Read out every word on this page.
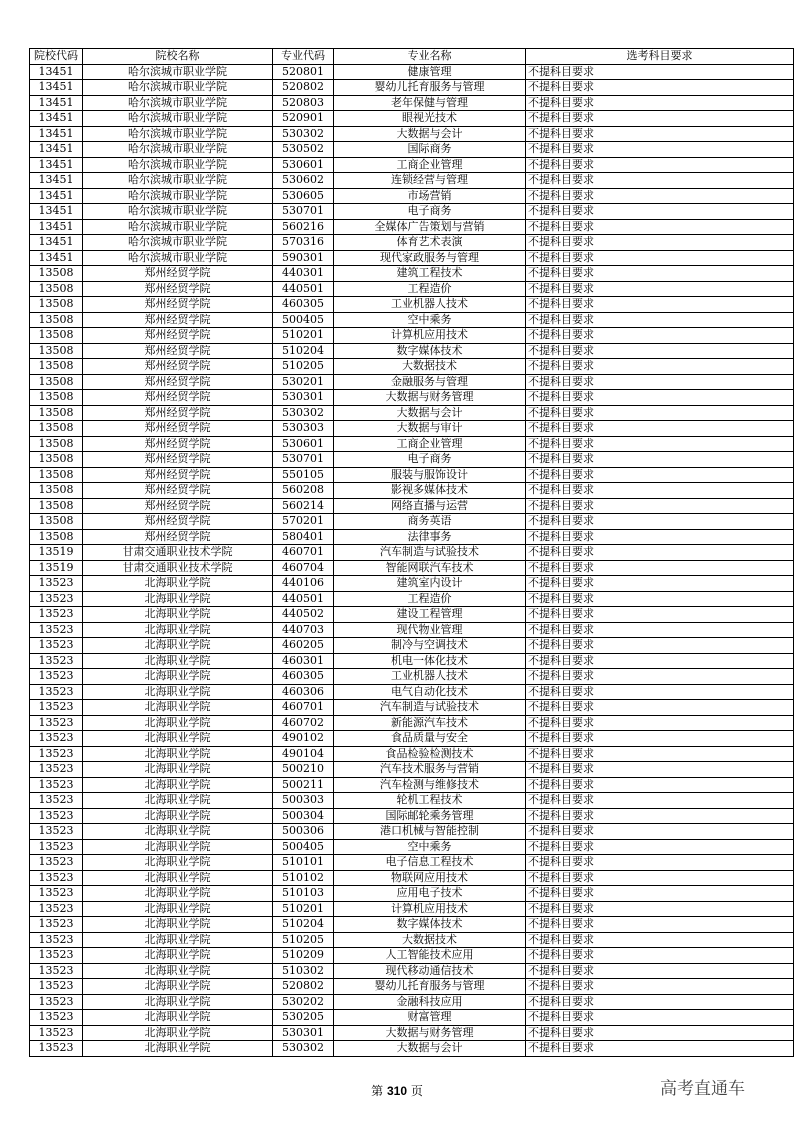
院校代码	院校名称	专业代码	专业名称	选考科目要求
13451	哈尔滨城市职业学院	520801	健康管理	不提科目要求
13451	哈尔滨城市职业学院	520802	婴幼儿托育服务与管理	不提科目要求
13451	哈尔滨城市职业学院	520803	老年保健与管理	不提科目要求
13451	哈尔滨城市职业学院	520901	眼视光技术	不提科目要求
13451	哈尔滨城市职业学院	530302	大数据与会计	不提科目要求
13451	哈尔滨城市职业学院	530502	国际商务	不提科目要求
13451	哈尔滨城市职业学院	530601	工商企业管理	不提科目要求
13451	哈尔滨城市职业学院	530602	连锁经营与管理	不提科目要求
13451	哈尔滨城市职业学院	530605	市场营销	不提科目要求
13451	哈尔滨城市职业学院	530701	电子商务	不提科目要求
13451	哈尔滨城市职业学院	560216	全媒体广告策划与营销	不提科目要求
13451	哈尔滨城市职业学院	570316	体育艺术表演	不提科目要求
13451	哈尔滨城市职业学院	590301	现代家政服务与管理	不提科目要求
13508	郑州经贸学院	440301	建筑工程技术	不提科目要求
13508	郑州经贸学院	440501	工程造价	不提科目要求
13508	郑州经贸学院	460305	工业机器人技术	不提科目要求
13508	郑州经贸学院	500405	空中乘务	不提科目要求
13508	郑州经贸学院	510201	计算机应用技术	不提科目要求
13508	郑州经贸学院	510204	数字媒体技术	不提科目要求
13508	郑州经贸学院	510205	大数据技术	不提科目要求
13508	郑州经贸学院	530201	金融服务与管理	不提科目要求
13508	郑州经贸学院	530301	大数据与财务管理	不提科目要求
13508	郑州经贸学院	530302	大数据与会计	不提科目要求
13508	郑州经贸学院	530303	大数据与审计	不提科目要求
13508	郑州经贸学院	530601	工商企业管理	不提科目要求
13508	郑州经贸学院	530701	电子商务	不提科目要求
13508	郑州经贸学院	550105	服装与服饰设计	不提科目要求
13508	郑州经贸学院	560208	影视多媒体技术	不提科目要求
13508	郑州经贸学院	560214	网络直播与运营	不提科目要求
13508	郑州经贸学院	570201	商务英语	不提科目要求
13508	郑州经贸学院	580401	法律事务	不提科目要求
13519	甘肃交通职业技术学院	460701	汽车制造与试验技术	不提科目要求
13519	甘肃交通职业技术学院	460704	智能网联汽车技术	不提科目要求
13523	北海职业学院	440106	建筑室内设计	不提科目要求
13523	北海职业学院	440501	工程造价	不提科目要求
13523	北海职业学院	440502	建设工程管理	不提科目要求
13523	北海职业学院	440703	现代物业管理	不提科目要求
13523	北海职业学院	460205	制冷与空调技术	不提科目要求
13523	北海职业学院	460301	机电一体化技术	不提科目要求
13523	北海职业学院	460305	工业机器人技术	不提科目要求
13523	北海职业学院	460306	电气自动化技术	不提科目要求
13523	北海职业学院	460701	汽车制造与试验技术	不提科目要求
13523	北海职业学院	460702	新能源汽车技术	不提科目要求
13523	北海职业学院	490102	食品质量与安全	不提科目要求
13523	北海职业学院	490104	食品检验检测技术	不提科目要求
13523	北海职业学院	500210	汽车技术服务与营销	不提科目要求
13523	北海职业学院	500211	汽车检测与维修技术	不提科目要求
13523	北海职业学院	500303	轮机工程技术	不提科目要求
13523	北海职业学院	500304	国际邮轮乘务管理	不提科目要求
13523	北海职业学院	500306	港口机械与智能控制	不提科目要求
13523	北海职业学院	500405	空中乘务	不提科目要求
13523	北海职业学院	510101	电子信息工程技术	不提科目要求
13523	北海职业学院	510102	物联网应用技术	不提科目要求
13523	北海职业学院	510103	应用电子技术	不提科目要求
13523	北海职业学院	510201	计算机应用技术	不提科目要求
13523	北海职业学院	510204	数字媒体技术	不提科目要求
13523	北海职业学院	510205	大数据技术	不提科目要求
13523	北海职业学院	510209	人工智能技术应用	不提科目要求
13523	北海职业学院	510302	现代移动通信技术	不提科目要求
13523	北海职业学院	520802	婴幼儿托育服务与管理	不提科目要求
13523	北海职业学院	530202	金融科技应用	不提科目要求
13523	北海职业学院	530205	财富管理	不提科目要求
13523	北海职业学院	530301	大数据与财务管理	不提科目要求
13523	北海职业学院	530302	大数据与会计	不提科目要求
第 310 页	高考直通车
